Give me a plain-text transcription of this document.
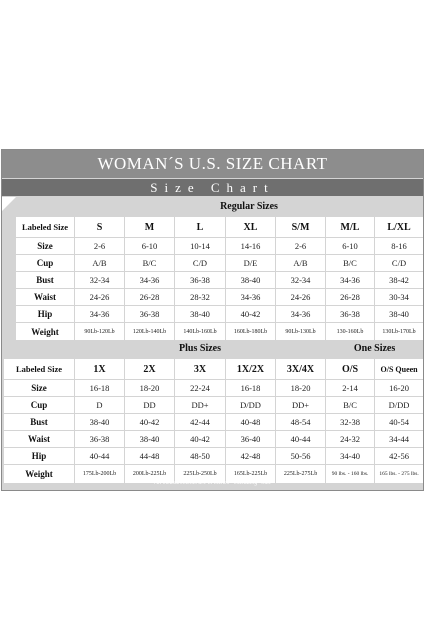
WOMAN´S U.S. SIZE CHART
Size Chart
	Regular Sizes						
Labeled Size	S	M	L	XL	S/M	M/L	L/XL
Size	2-6	6-10	10-14	14-16	2-6	6-10	8-16
Cup	A/B	B/C	C/D	D/E	A/B	B/C	C/D
Bust	32-34	34-36	36-38	38-40	32-34	34-36	38-42
Waist	24-26	26-28	28-32	34-36	24-26	26-28	30-34
Hip	34-36	36-38	38-40	40-42	34-36	36-38	38-40
Weight	90Lb-120Lb	120Lb-140Lb	140Lb-160Lb	160Lb-180Lb	90Lb-130Lb	130-160Lb	130Lb-170Lb
	Plus Sizes					One Sizes	
Labeled Size	1X	2X	3X	1X/2X	3X/4X	O/S	O/S Queen
Size	16-18	18-20	22-24	16-18	18-20	2-14	16-20
Cup	D	DD	DD+	D/DD	DD+	B/C	D/DD
Bust	38-40	40-42	42-44	40-48	48-54	32-38	40-54
Waist	36-38	38-40	40-42	36-40	40-44	24-32	34-44
Hip	40-44	44-48	48-50	42-48	50-56	34-40	42-56
Weight	175Lb-200Lb	200Lb-225Lb	225Lb-250Lb	165Lb-225Lb	225Lb-275Lb	90 lbs. - 160 lbs.	165 lbs. - 275 lbs.
*All measurements are in inches - excluding "Size"
